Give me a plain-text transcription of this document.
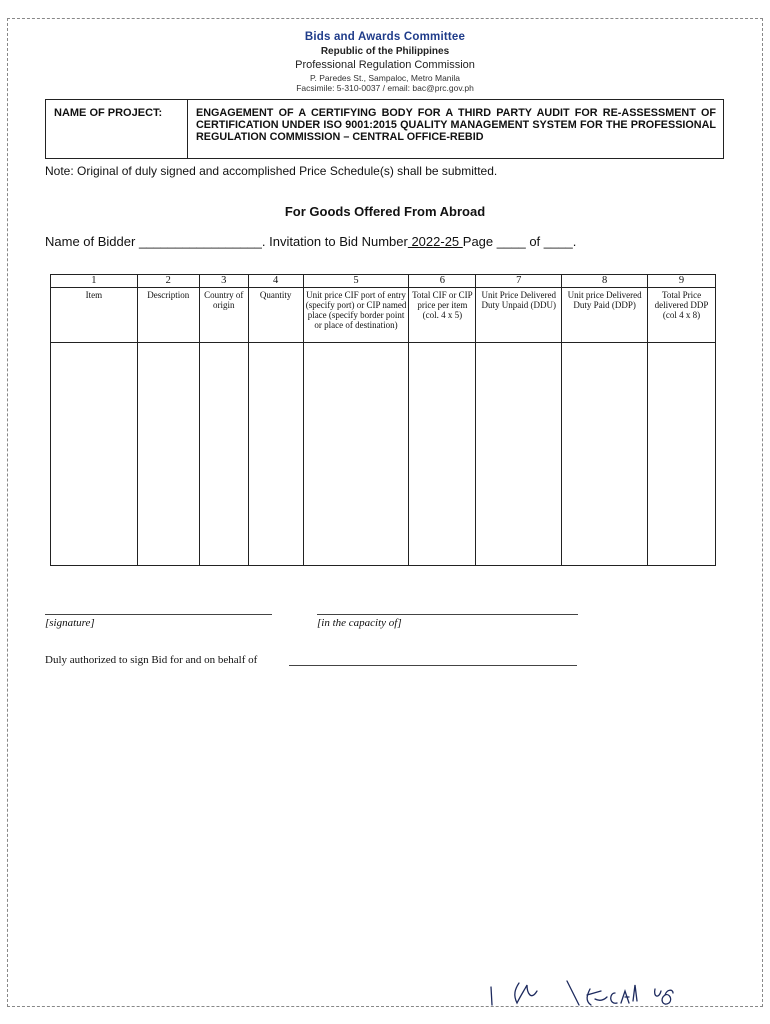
Bids and Awards Committee
Republic of the Philippines
Professional Regulation Commission
P. Paredes St., Sampaloc, Metro Manila
Facsimile: 5-310-0037 / email: bac@prc.gov.ph
NAME OF PROJECT:	ENGAGEMENT OF A CERTIFYING BODY FOR A THIRD PARTY AUDIT FOR RE-ASSESSMENT OF CERTIFICATION UNDER ISO 9001:2015 QUALITY MANAGEMENT SYSTEM FOR THE PROFESSIONAL REGULATION COMMISSION – CENTRAL OFFICE-REBID
Note: Original of duly signed and accomplished Price Schedule(s) shall be submitted.
For Goods Offered From Abroad
Name of Bidder _________________. Invitation to Bid Number 2022-25 Page ____ of ____.
1	2	3	4	5	6	7	8	9
Item	Description	Country of origin	Quantity	Unit price CIF port of entry (specify port) or CIP named place (specify border point or place of destination)	Total CIF or CIP price per item (col. 4 x 5)	Unit Price Delivered Duty Unpaid (DDU)	Unit price Delivered Duty Paid (DDP)	Total Price delivered DDP (col 4 x 8)

[signature]	[in the capacity of]
Duly authorized to sign Bid for and on behalf of
